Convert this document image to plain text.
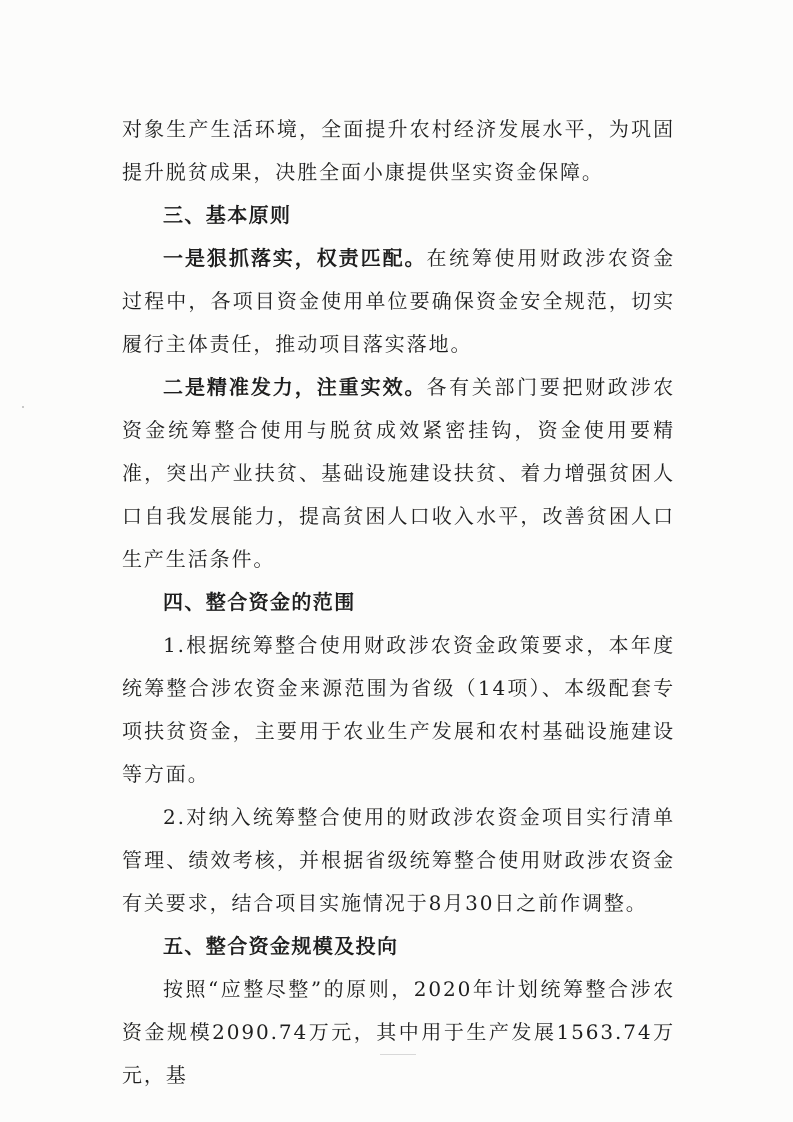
对象生产生活环境，全面提升农村经济发展水平，为巩固提升脱贫成果，决胜全面小康提供坚实资金保障。

三、基本原则

一是狠抓落实，权责匹配。在统筹使用财政涉农资金过程中，各项目资金使用单位要确保资金安全规范，切实履行主体责任，推动项目落实落地。

二是精准发力，注重实效。各有关部门要把财政涉农资金统筹整合使用与脱贫成效紧密挂钩，资金使用要精准，突出产业扶贫、基础设施建设扶贫、着力增强贫困人口自我发展能力，提高贫困人口收入水平，改善贫困人口生产生活条件。

四、整合资金的范围

1.根据统筹整合使用财政涉农资金政策要求，本年度统筹整合涉农资金来源范围为省级（14项）、本级配套专项扶贫资金，主要用于农业生产发展和农村基础设施建设等方面。

2.对纳入统筹整合使用的财政涉农资金项目实行清单管理、绩效考核，并根据省级统筹整合使用财政涉农资金有关要求，结合项目实施情况于8月30日之前作调整。

五、整合资金规模及投向

按照“应整尽整”的原则，2020年计划统筹整合涉农资金规模2090.74万元，其中用于生产发展1563.74万元，基
